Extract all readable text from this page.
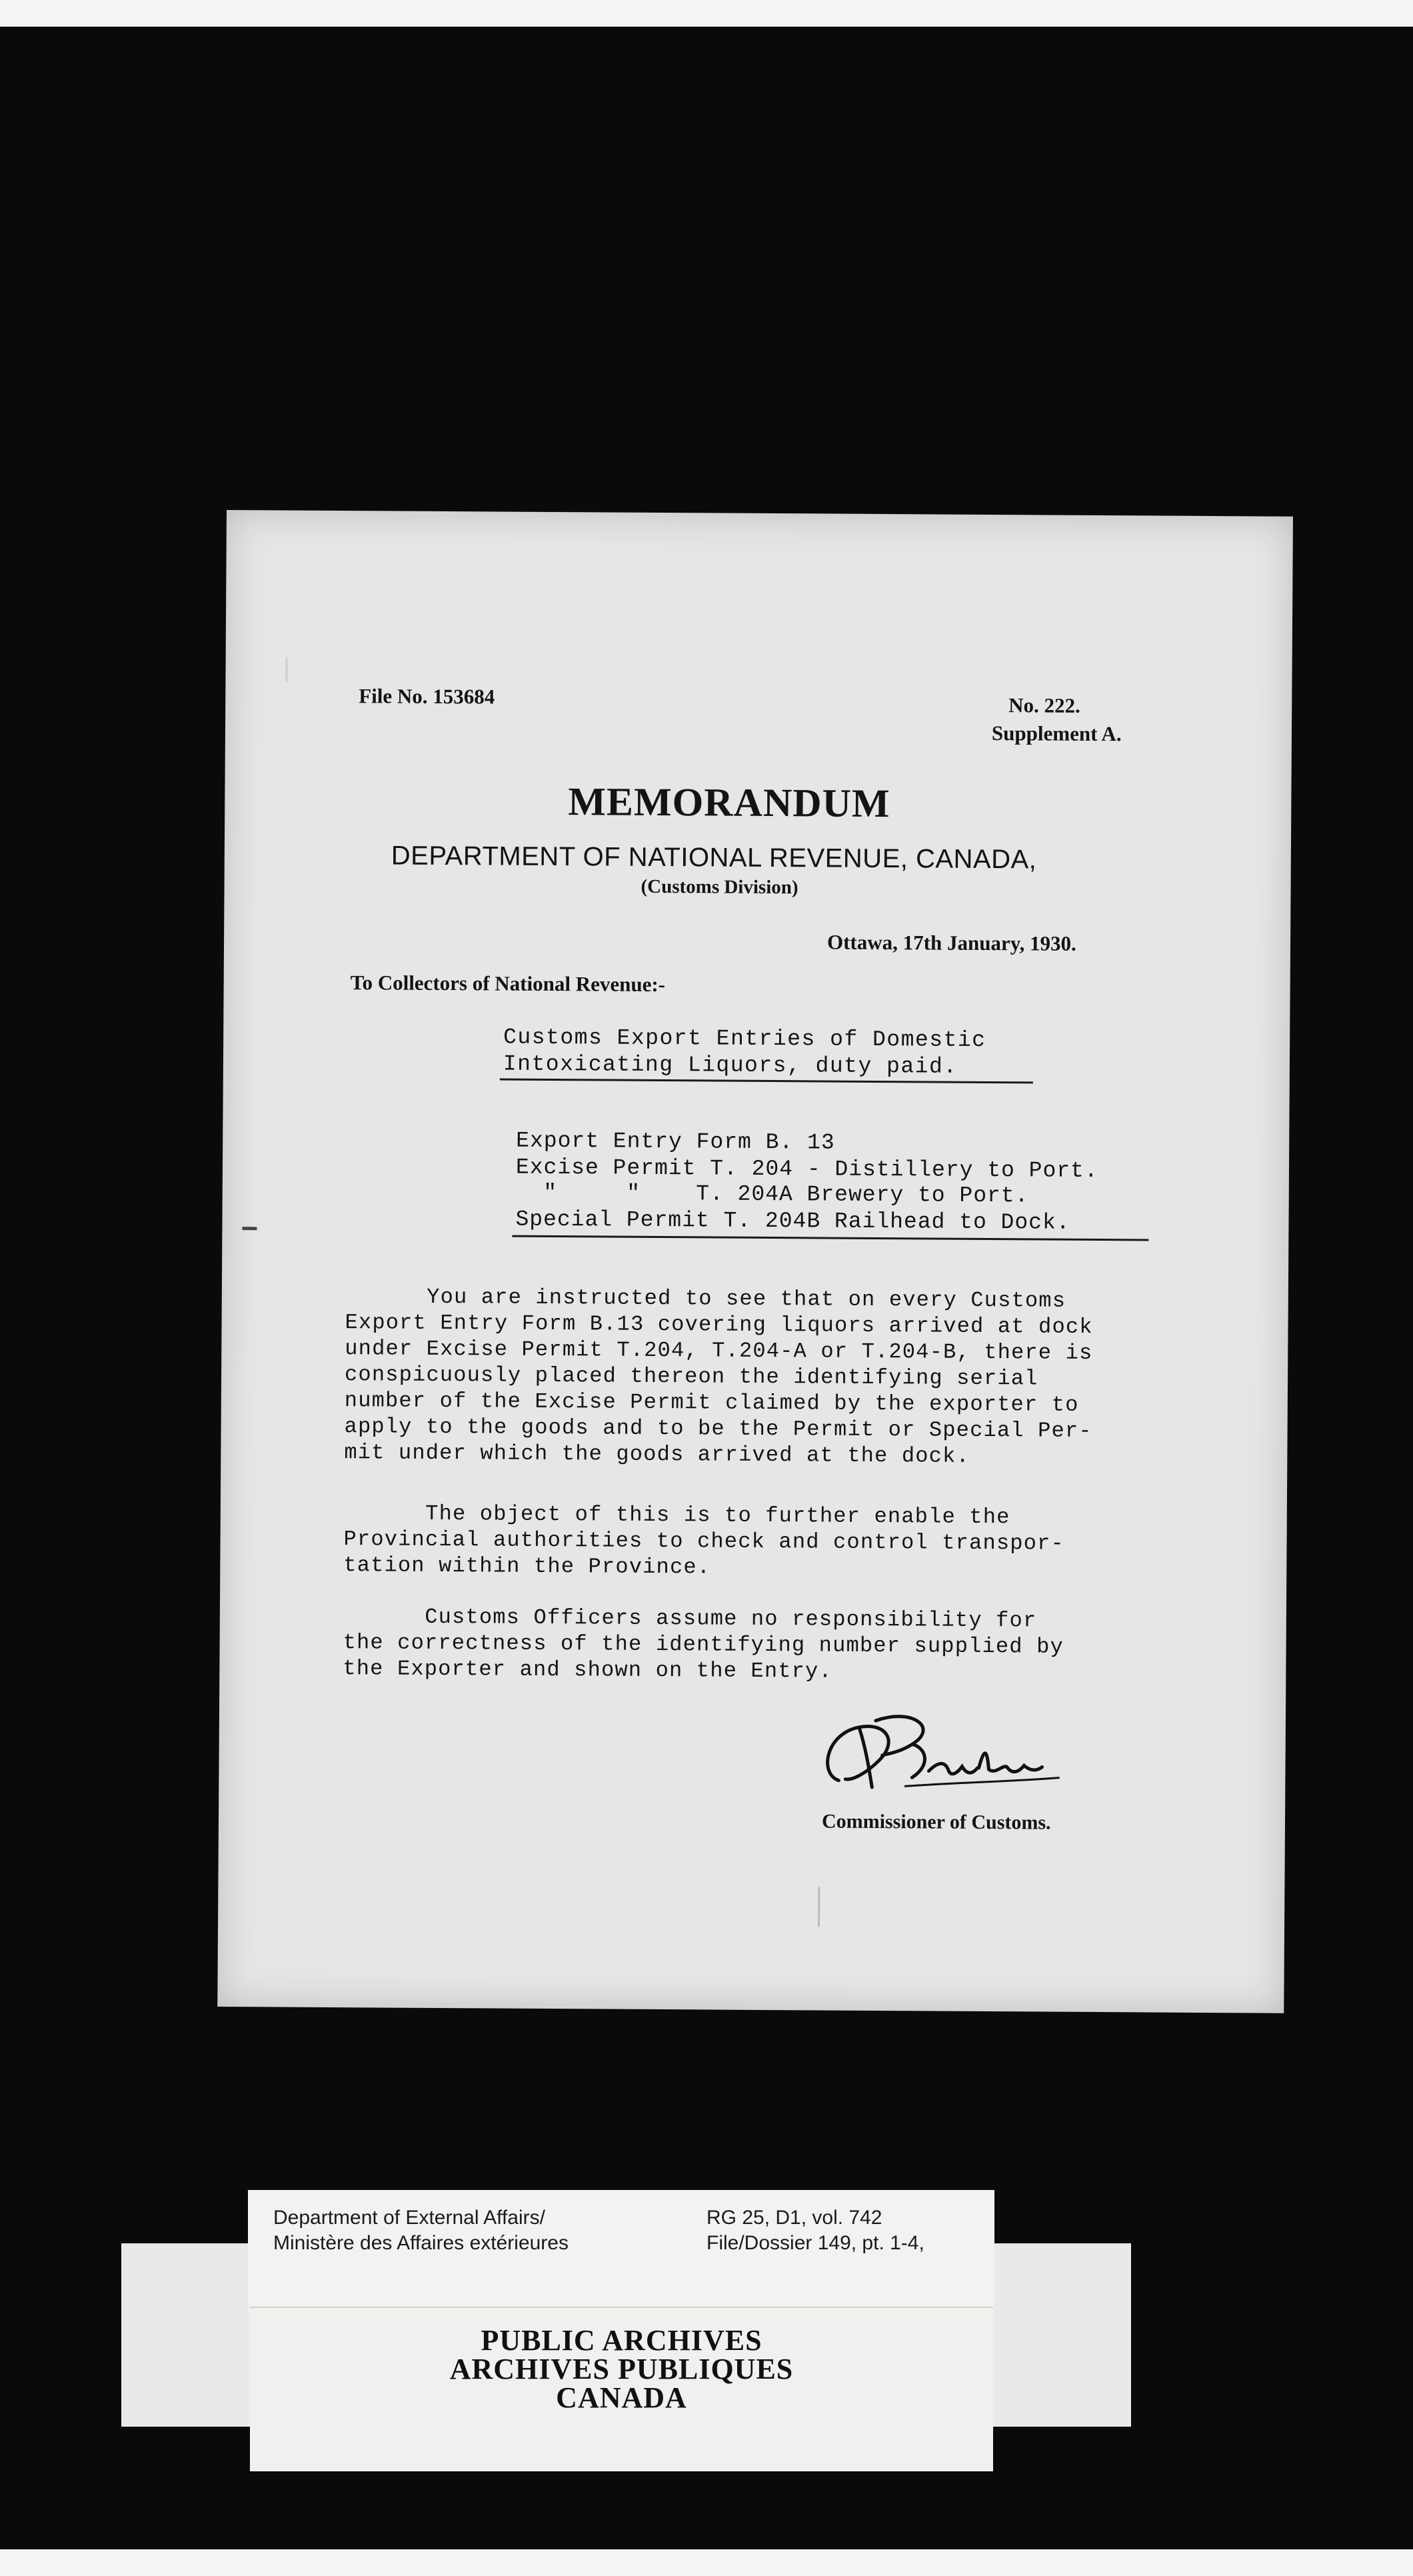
File No. 153684	No. 222.
Supplement A.
MEMORANDUM
DEPARTMENT OF NATIONAL REVENUE, CANADA,
(Customs Division)
Ottawa, 17th January, 1930.
To Collectors of National Revenue:-
Customs Export Entries of Domestic
Intoxicating Liquors, duty paid.
Export Entry Form B. 13
Excise Permit T. 204 - Distillery to Port.
"     "    T. 204A Brewery to Port.
Special Permit T. 204B Railhead to Dock.
You are instructed to see that on every Customs
Export Entry Form B.13 covering liquors arrived at dock
under Excise Permit T.204, T.204-A or T.204-B, there is
conspicuously placed thereon the identifying serial
number of the Excise Permit claimed by the exporter to
apply to the goods and to be the Permit or Special Per-
mit under which the goods arrived at the dock.
The object of this is to further enable the
Provincial authorities to check and control transpor-
tation within the Province.
Customs Officers assume no responsibility for
the correctness of the identifying number supplied by
the Exporter and shown on the Entry.
Commissioner of Customs.
Department of External Affairs/
Ministère des Affaires extérieures
RG 25, D1, vol. 742
File/Dossier 149, pt. 1-4,
PUBLIC ARCHIVES
ARCHIVES PUBLIQUES
CANADA
